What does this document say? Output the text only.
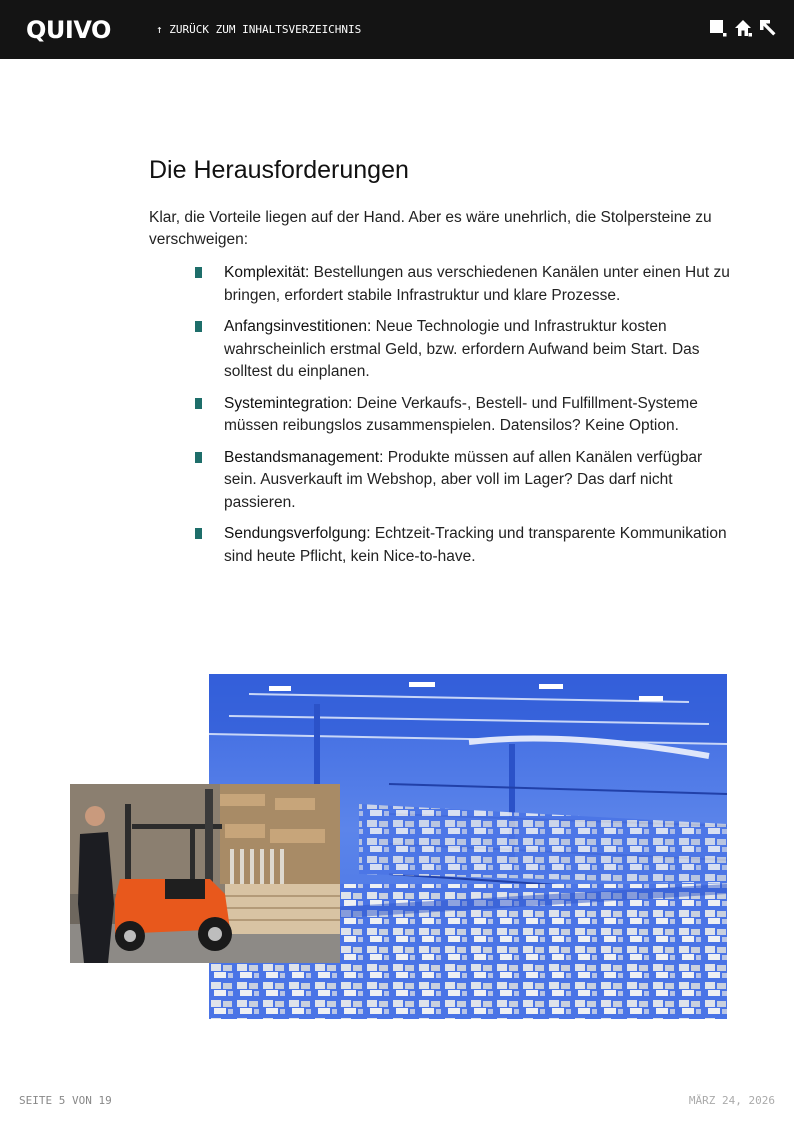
QUIVO	↑ ZURÜCK ZUM INHALTSVERZEICHNIS
Die Herausforderungen

Klar, die Vorteile liegen auf der Hand. Aber es wäre unehrlich, die Stolpersteine zu verschweigen:

Komplexität: Bestellungen aus verschiedenen Kanälen unter einen Hut zu bringen, erfordert stabile Infrastruktur und klare Prozesse.
Anfangsinvestitionen: Neue Technologie und Infrastruktur kosten wahrscheinlich erstmal Geld, bzw. erfordern Aufwand beim Start. Das solltest du einplanen.
Systemintegration: Deine Verkaufs-, Bestell- und Fulfillment-Systeme müssen reibungslos zusammenspielen. Datensilos? Keine Option.
Bestandsmanagement: Produkte müssen auf allen Kanälen verfügbar sein. Ausverkauft im Webshop, aber voll im Lager? Das darf nicht passieren.
Sendungsverfolgung: Echtzeit-Tracking und transparente Kommunikation sind heute Pflicht, kein Nice-to-have.
SEITE 5 VON 19	MÄRZ 24, 2026
